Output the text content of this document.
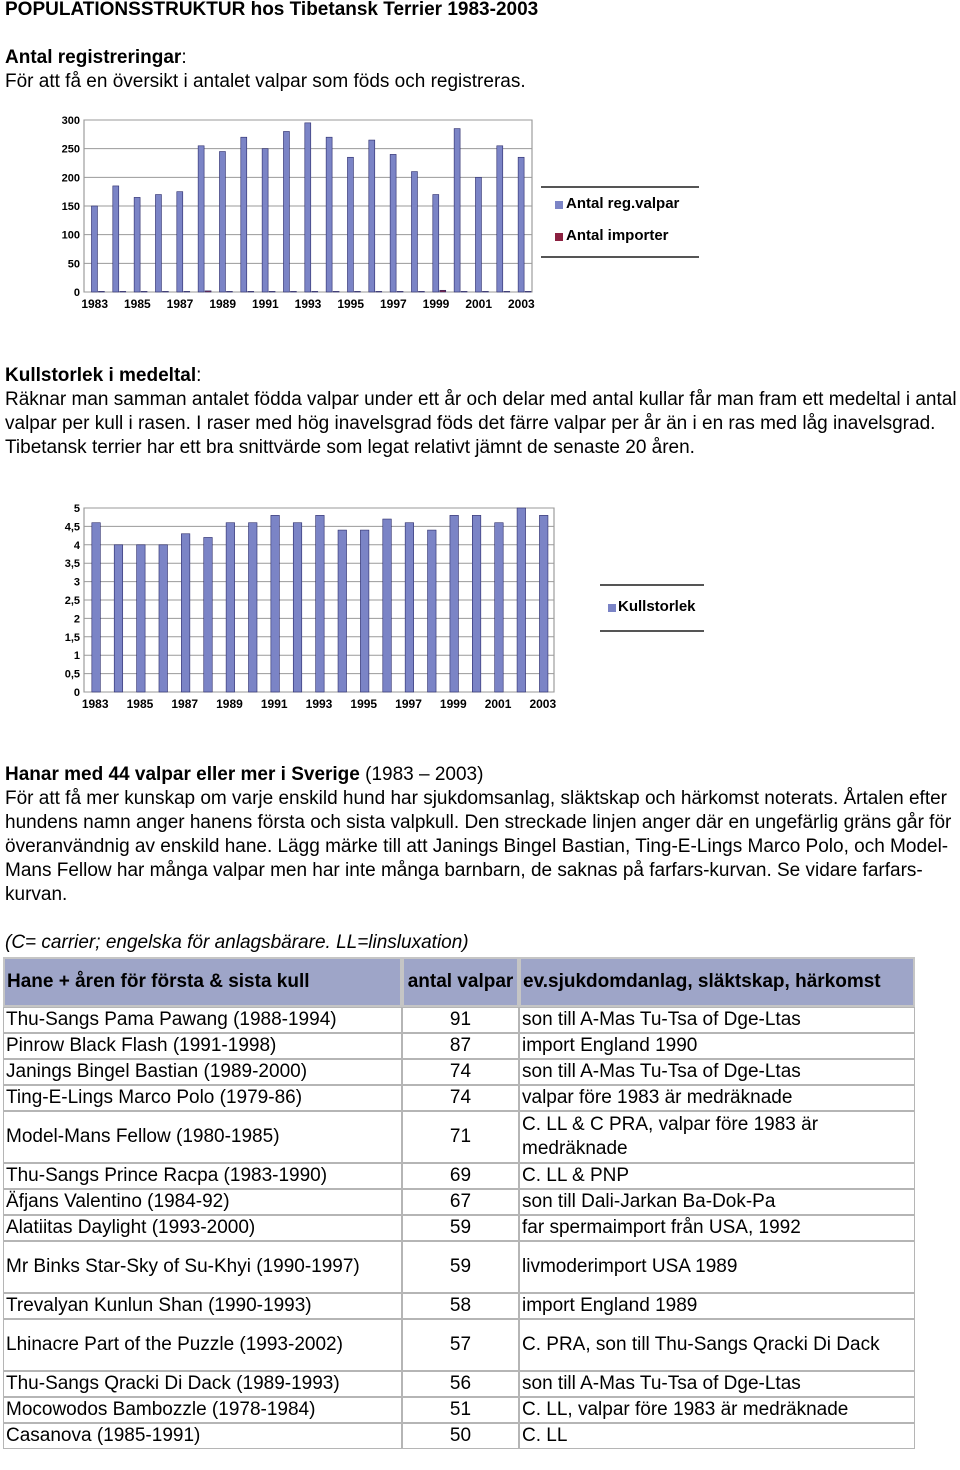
POPULATIONSSTRUKTUR hos Tibetansk Terrier 1983-2003
Antal registreringar:
För att få en översikt i antalet valpar som föds och registreras.
0
50
100
150
200
250
300
1983 1985 1987 1989 1991 1993 1995 1997 1999 2001 2003
Antal reg.valpar
Antal importer
Kullstorlek i medeltal:
Räknar man samman antalet födda valpar under ett år och delar med antal kullar får man fram ett medeltal i antal valpar per kull i rasen. I raser med hög inavelsgrad föds det färre valpar per år än i en ras med låg inavelsgrad. Tibetansk terrier har ett bra snittvärde som legat relativt jämnt de senaste 20 åren.
0
0,5
1
1,5
2
2,5
3
3,5
4
4,5
5
1983 1985 1987 1989 1991 1993 1995 1997 1999 2001 2003
Kullstorlek
Hanar med 44 valpar eller mer i Sverige (1983 – 2003)
För att få mer kunskap om varje enskild hund har sjukdomsanlag, släktskap och härkomst noterats. Årtalen efter hundens namn anger hanens första och sista valpkull. Den streckade linjen anger där en ungefärlig gräns går för överanvändnig av enskild hane. Lägg märke till att Janings Bingel Bastian, Ting-E-Lings Marco Polo, och Model-Mans Fellow har många valpar men har inte många barnbarn, de saknas på farfars-kurvan. Se vidare farfars-kurvan.
(C= carrier; engelska för anlagsbärare. LL=linsluxation)
Hane + åren för första & sista kull	antal valpar	ev.sjukdomdanlag, släktskap, härkomst
Thu-Sangs Pama Pawang (1988-1994)	91	son till A-Mas Tu-Tsa of Dge-Ltas
Pinrow Black Flash (1991-1998)	87	import England 1990
Janings Bingel Bastian (1989-2000)	74	son till A-Mas Tu-Tsa of Dge-Ltas
Ting-E-Lings Marco Polo (1979-86)	74	valpar före 1983 är medräknade
Model-Mans Fellow (1980-1985)	71	C. LL & C PRA, valpar före 1983 är medräknade
Thu-Sangs Prince Racpa (1983-1990)	69	C. LL & PNP
Äfjans Valentino (1984-92)	67	son till Dali-Jarkan Ba-Dok-Pa
Alatiitas Daylight (1993-2000)	59	far spermaimport från USA, 1992
Mr Binks Star-Sky of Su-Khyi (1990-1997)	59	livmoderimport USA 1989
Trevalyan Kunlun Shan (1990-1993)	58	import England 1989
Lhinacre Part of the Puzzle (1993-2002)	57	C. PRA, son till Thu-Sangs Qracki Di Dack
Thu-Sangs Qracki Di Dack (1989-1993)	56	son till A-Mas Tu-Tsa of Dge-Ltas
Mocowodos Bambozzle (1978-1984)	51	C. LL, valpar före 1983 är medräknade
Casanova (1985-1991)	50	C. LL
